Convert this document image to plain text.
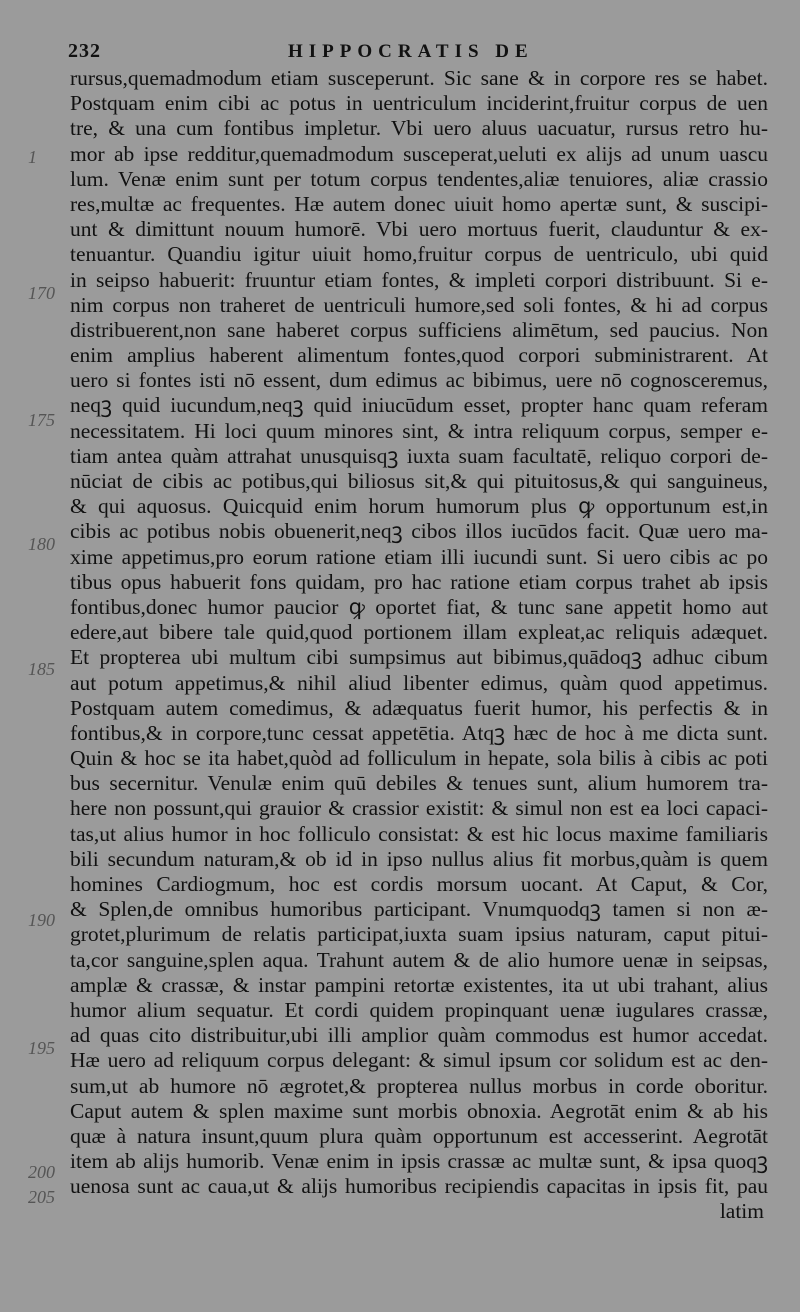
232	HIPPOCRATIS DE
1
170
175
180
185
190
195
200
205
rursus,quemadmodum etiam susceperunt. Sic sane & in corpore res se habet.
Postquam enim cibi ac potus in uentriculum inciderint,fruitur corpus de uen
tre, & una cum fontibus impletur. Vbi uero aluus uacuatur, rursus retro hu-
mor ab ipse redditur,quemadmodum susceperat,ueluti ex alijs ad unum uascu
lum. Venæ enim sunt per totum corpus tendentes,aliæ tenuiores, aliæ crassio
res,multæ ac frequentes. Hæ autem donec uiuit homo apertæ sunt, & suscipi-
unt & dimittunt nouum humorē. Vbi uero mortuus fuerit, clauduntur & ex-
tenuantur. Quandiu igitur uiuit homo,fruitur corpus de uentriculo, ubi quid
in seipso habuerit: fruuntur etiam fontes, & impleti corpori distribuunt. Si e-
nim corpus non traheret de uentriculi humore,sed soli fontes, & hi ad corpus
distribuerent,non sane haberet corpus sufficiens alimētum, sed paucius. Non
enim amplius haberent alimentum fontes,quod corpori subministrarent. At
uero si fontes isti nō essent, dum edimus ac bibimus, uere nō cognosceremus,
neqꝫ quid iucundum,neqꝫ quid iniucūdum esset, propter hanc quam referam
necessitatem. Hi loci quum minores sint, & intra reliquum corpus, semper e-
tiam antea quàm attrahat unusquisqꝫ iuxta suam facultatē, reliquo corpori de-
nūciat de cibis ac potibus,qui biliosus sit,& qui pituitosus,& qui sanguineus,
& qui aquosus. Quicquid enim horum humorum plus ꝙ opportunum est,in
cibis ac potibus nobis obuenerit,neqꝫ cibos illos iucūdos facit. Quæ uero ma-
xime appetimus,pro eorum ratione etiam illi iucundi sunt. Si uero cibis ac po
tibus opus habuerit fons quidam, pro hac ratione etiam corpus trahet ab ipsis
fontibus,donec humor paucior ꝙ oportet fiat, & tunc sane appetit homo aut
edere,aut bibere tale quid,quod portionem illam expleat,ac reliquis adæquet.
Et propterea ubi multum cibi sumpsimus aut bibimus,quādoqꝫ adhuc cibum
aut potum appetimus,& nihil aliud libenter edimus, quàm quod appetimus.
Postquam autem comedimus, & adæquatus fuerit humor, his perfectis & in
fontibus,& in corpore,tunc cessat appetētia. Atqꝫ hæc de hoc à me dicta sunt.
Quin & hoc se ita habet,quòd ad folliculum in hepate, sola bilis à cibis ac poti
bus secernitur. Venulæ enim quū debiles & tenues sunt, alium humorem tra-
here non possunt,qui grauior & crassior existit: & simul non est ea loci capaci-
tas,ut alius humor in hoc folliculo consistat: & est hic locus maxime familiaris
bili secundum naturam,& ob id in ipso nullus alius fit morbus,quàm is quem
homines Cardiogmum, hoc est cordis morsum uocant. At Caput, & Cor,
& Splen,de omnibus humoribus participant. Vnumquodqꝫ tamen si non æ-
grotet,plurimum de relatis participat,iuxta suam ipsius naturam, caput pitui-
ta,cor sanguine,splen aqua. Trahunt autem & de alio humore uenæ in seipsas,
amplæ & crassæ, & instar pampini retortæ existentes, ita ut ubi trahant, alius
humor alium sequatur. Et cordi quidem propinquant uenæ iugulares crassæ,
ad quas cito distribuitur,ubi illi amplior quàm commodus est humor accedat.
Hæ uero ad reliquum corpus delegant: & simul ipsum cor solidum est ac den-
sum,ut ab humore nō ægrotet,& propterea nullus morbus in corde oboritur.
Caput autem & splen maxime sunt morbis obnoxia. Aegrotāt enim & ab his
quæ à natura insunt,quum plura quàm opportunum est accesserint. Aegrotāt
item ab alijs humorib. Venæ enim in ipsis crassæ ac multæ sunt, & ipsa quoqꝫ
uenosa sunt ac caua,ut & alijs humoribus recipiendis capacitas in ipsis fit, pau
latim
